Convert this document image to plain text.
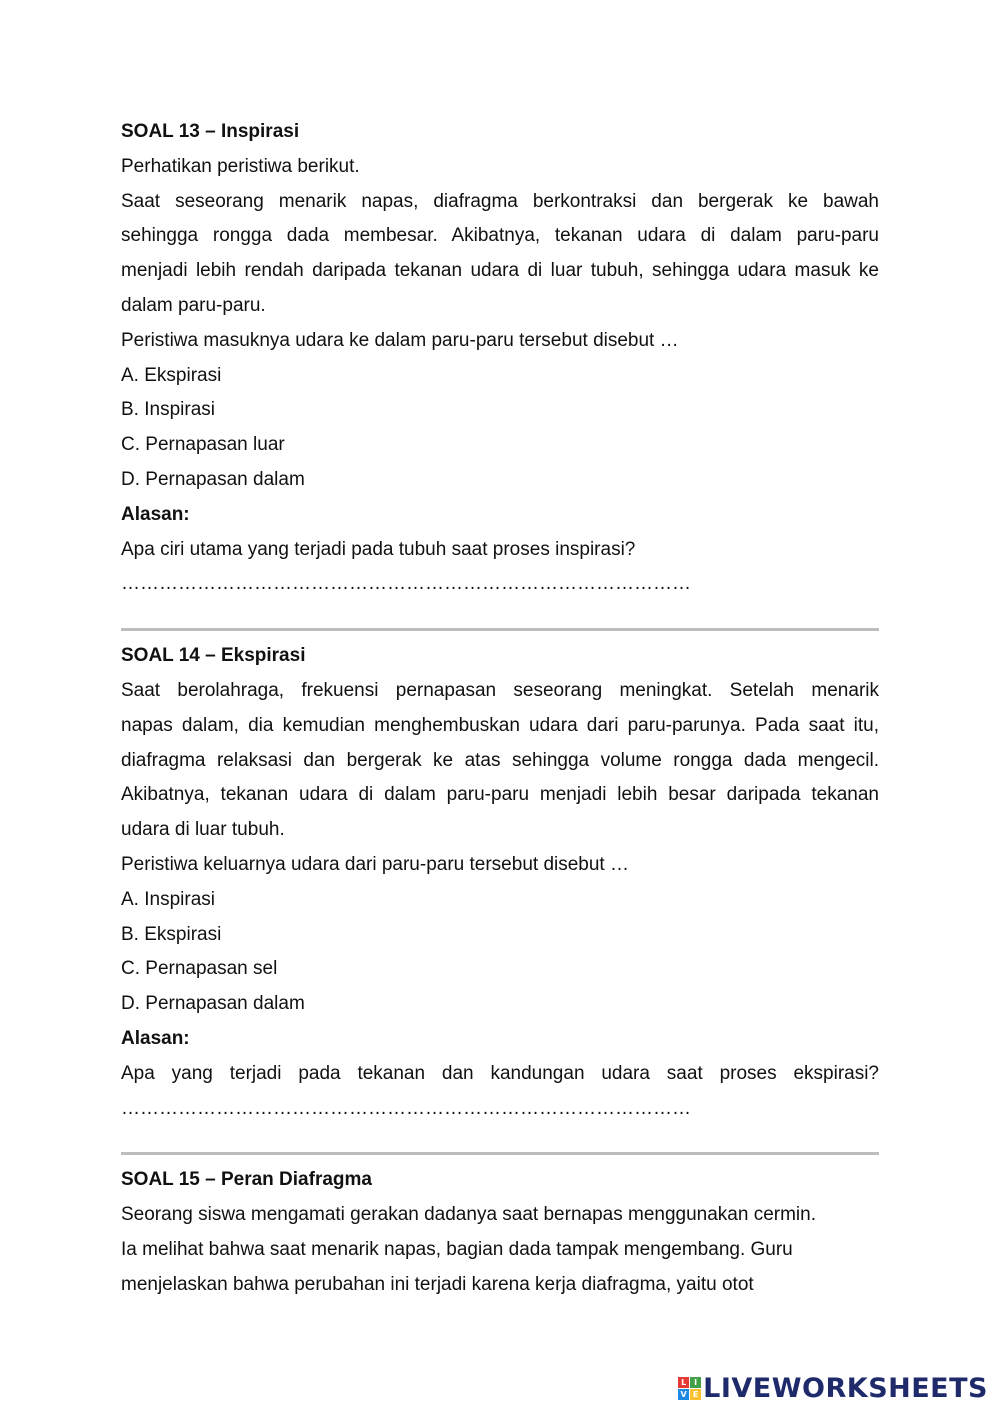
SOAL 13 – Inspirasi
Perhatikan peristiwa berikut.
Saat seseorang menarik napas, diafragma berkontraksi dan bergerak ke bawah
sehingga rongga dada membesar. Akibatnya, tekanan udara di dalam paru-paru
menjadi lebih rendah daripada tekanan udara di luar tubuh, sehingga udara masuk ke
dalam paru-paru.
Peristiwa masuknya udara ke dalam paru-paru tersebut disebut …
A. Ekspirasi
B. Inspirasi
C. Pernapasan luar
D. Pernapasan dalam
Alasan:
Apa ciri utama yang terjadi pada tubuh saat proses inspirasi?
………………………………………………………………………………
SOAL 14 – Ekspirasi
Saat berolahraga, frekuensi pernapasan seseorang meningkat. Setelah menarik
napas dalam, dia kemudian menghembuskan udara dari paru-parunya. Pada saat itu,
diafragma relaksasi dan bergerak ke atas sehingga volume rongga dada mengecil.
Akibatnya, tekanan udara di dalam paru-paru menjadi lebih besar daripada tekanan
udara di luar tubuh.
Peristiwa keluarnya udara dari paru-paru tersebut disebut …
A. Inspirasi
B. Ekspirasi
C. Pernapasan sel
D. Pernapasan dalam
Alasan:
Apa yang terjadi pada tekanan dan kandungan udara saat proses ekspirasi?
………………………………………………………………………………
SOAL 15 – Peran Diafragma
Seorang siswa mengamati gerakan dadanya saat bernapas menggunakan cermin.
Ia melihat bahwa saat menarik napas, bagian dada tampak mengembang. Guru
menjelaskan bahwa perubahan ini terjadi karena kerja diafragma, yaitu otot
L I
V E LIVEWORKSHEETS
